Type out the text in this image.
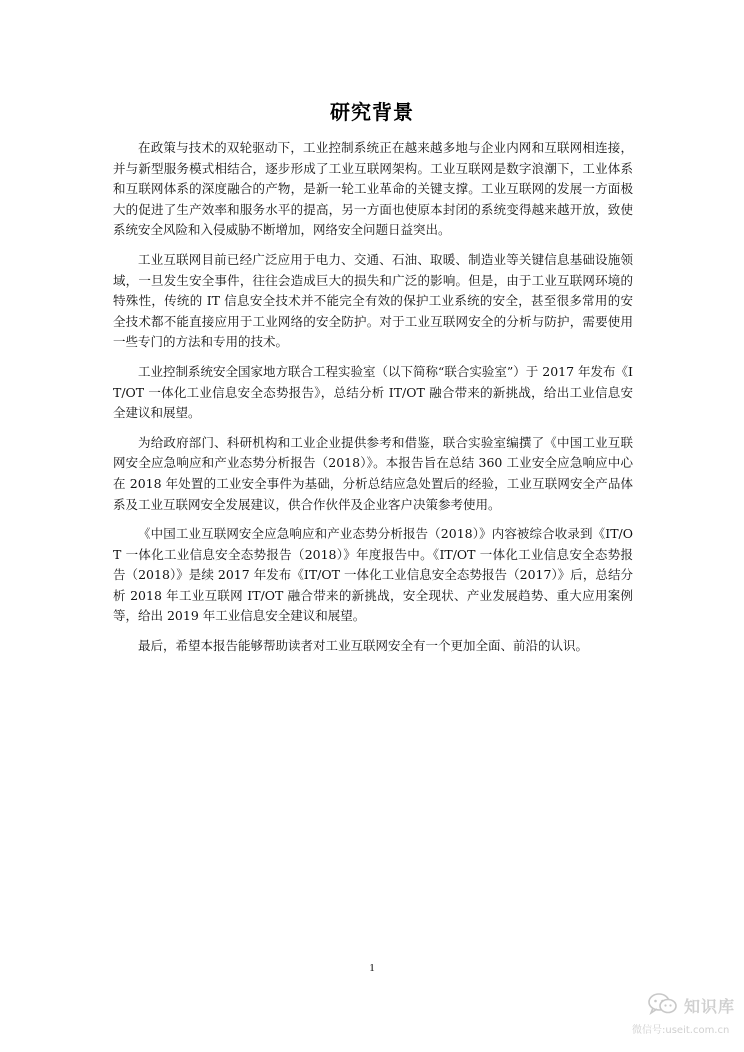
研究背景

在政策与技术的双轮驱动下，工业控制系统正在越来越多地与企业内网和互联网相连接，并与新型服务模式相结合，逐步形成了工业互联网架构。工业互联网是数字浪潮下，工业体系和互联网体系的深度融合的产物，是新一轮工业革命的关键支撑。工业互联网的发展一方面极大的促进了生产效率和服务水平的提高，另一方面也使原本封闭的系统变得越来越开放，致使系统安全风险和入侵威胁不断增加，网络安全问题日益突出。

工业互联网目前已经广泛应用于电力、交通、石油、取暖、制造业等关键信息基础设施领域，一旦发生安全事件，往往会造成巨大的损失和广泛的影响。但是，由于工业互联网环境的特殊性，传统的 IT 信息安全技术并不能完全有效的保护工业系统的安全，甚至很多常用的安全技术都不能直接应用于工业网络的安全防护。对于工业互联网安全的分析与防护，需要使用一些专门的方法和专用的技术。

工业控制系统安全国家地方联合工程实验室（以下简称“联合实验室”）于 2017 年发布《IT/OT 一体化工业信息安全态势报告》，总结分析 IT/OT 融合带来的新挑战，给出工业信息安全建议和展望。

为给政府部门、科研机构和工业企业提供参考和借鉴，联合实验室编撰了《中国工业互联网安全应急响应和产业态势分析报告（2018）》。本报告旨在总结 360 工业安全应急响应中心在 2018 年处置的工业安全事件为基础，分析总结应急处置后的经验，工业互联网安全产品体系及工业互联网安全发展建议，供合作伙伴及企业客户决策参考使用。

《中国工业互联网安全应急响应和产业态势分析报告（2018）》内容被综合收录到《IT/OT 一体化工业信息安全态势报告（2018）》年度报告中。《IT/OT 一体化工业信息安全态势报告（2018）》是续 2017 年发布《IT/OT 一体化工业信息安全态势报告（2017）》后，总结分析 2018 年工业互联网 IT/OT 融合带来的新挑战，安全现状、产业发展趋势、重大应用案例等，给出 2019 年工业信息安全建议和展望。

最后，希望本报告能够帮助读者对工业互联网安全有一个更加全面、前沿的认识。

1
知识库
微信号:useit.com.cn
